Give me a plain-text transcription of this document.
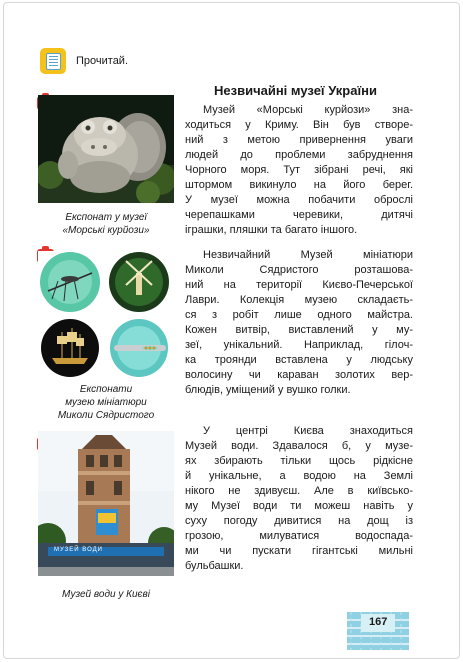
Прочитай.
Експонат у музеї
«Морські курйози»
Експонати
музею мініатюри
Миколи Сядристого
МУЗЕЙ ВОДИ
Музей води у Києві
Незвичайні музеї України
Музей «Морські курйози» зна-
ходиться у Криму. Він був створе-
ний з метою привернення уваги
людей до проблеми забруднення
Чорного моря. Тут зібрані речі, які
штормом викинуло на його берег.
У музеї можна побачити оброслі
черепашками черевики, дитячі
іграшки, пляшки та багато іншого.
Незвичайний Музей мініатюри
Миколи Сядристого розташова-
ний на території Києво-Печерської
Лаври. Колекція музею складаєть-
ся з робіт лише одного майстра.
Кожен витвір, виставлений у му-
зеї, унікальний. Наприклад, гілоч-
ка троянди вставлена у людську
волосину чи караван золотих вер-
блюдів, уміщений у вушко голки.
У центрі Києва знаходиться
Музей води. Здавалося б, у музе-
ях збирають тільки щось рідкісне
й унікальне, а водою на Землі
нікого не здивуєш. Але в київсько-
му Музеї води ти можеш навіть у
суху погоду дивитися на дощ із
грозою, милуватися водоспада-
ми чи пускати гігантські мильні
бульбашки.
167
